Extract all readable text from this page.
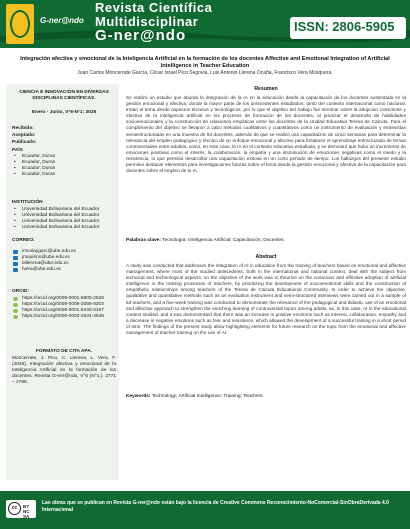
G-ner@ndo
Revista Científica
Multidisciplinar
G-ner@ndo
ISSN: 2806-5905
Integración afectiva y emocional de la Inteligencia Artificial en la formación de los docentes Affective and Emotional Integration of Artificial Intelligence in Teacher Education
Juan Carlos Moncerrate García, César Israel Pico Segovia, Luis Antonio Llerena Ocaña, Francisco Vera Mosquera.
CIENCIA E INNOVACIÓN EN DIVERSAS DISCIPLINAS CIENTÍFICAS.
Enero - Junio, V°6-N°1; 2025
Recibido:
Aceptado:
Publicado:
PAÍS
• Ecuador, Duran
• Ecuador, Duran
• Ecuador, Duran
• Ecuador, Duran
INSTITUCIÓN
• Universidad Bolivariana del Ecuador
• Universidad Bolivariana del Ecuador
• Universidad Bolivariana del Ecuador
• Universidad Bolivariana del Ecuador
CORREO:
imcelaygarc@ube.edu.ec
jmquirino@ube.edu.ec
lallerena@ube.edu.ec
fvera@ube.edu.ec
ORCID:
https://orcid.org/0009-0001-6800-2529
https://orcid.org/0009-0009-3088-8203
https://orcid.org/0009-0001-6440-0167
https://orcid.org/0009-0003-2634-4638
FORMATO DE CITA APA.
Moncerrate, J. Pico, C. Llerena, L. Vera, F. (2025). Integración afectiva y emocional de la Inteligencia Artificial en la formación de los docentes. Revista G-ner@ndo, V°6 (N°1,). 2771 – 2788.
Resumen
Se realizó un estudio que aborda la integración de la IA en la educación desde la capacitación de los docentes sustentada en la gestión emocional y afectiva, donde la mayor parte de los antecedentes estudiados, tanto del contexto internacional como nacional, tratan el tema desde aspectos técnicos y tecnológicos, por lo que el objetivo del trabajo fue terminar sobre la adopción consciente y efectiva de la inteligencia artificial en los procesos de formación de los docentes, al priorizar el desarrollo de habilidades socioemocionales y la construcción de relaciones empáticas entre los docentes de la Unidad Educativa Teresa de Calcuta. Para el cumplimiento del objetivo se llevaron a cabo métodos cualitativos y cuantitativos como un instrumento de evaluación y entrevistas semiestructuradas en una muestra de 53 docentes, además de que se realizó una capacitación de cinco semanas para determinar la relevancia del empleo pedagógico y técnico de un enfoque emocional y afectivo para fortalecer el aprendizaje entrecruzado de temas controversiales entre adultos, como, en este caso, la IA en el contexto educativo estudiado, y se demostró que hubo un incremento de emociones positivas como el interés, la colaboración, la empatía y una disminución de emociones negativas como el miedo y la resistencia, lo que permitió desarrollar una capacitación exitosa en un corto periodo de tiempo. Los hallazgos del presente estudio permiten destacar elementos para investigaciones futuras sobre el tema desde la gestión emocional y afectiva de la capacitación para docentes sobre el empleo de la IA.
Palabras clave: Tecnología; Inteligencia Artificial; Capacitación; Docentes.
Abstract
A study was conducted that addresses the integration of AI in education from the training of teachers based on emotional and affective management, where most of the studied antecedents, both in the international and national context, deal with the subject from technical and technological aspects, so the objective of the work was to theorize on the conscious and effective adoption of artificial intelligence in the training processes of teachers, by prioritizing the development of socioemotional skills and the construction of empathetic relationships among teachers of the Teresa de Calcuta Educational Community. In order to achieve the objective, qualitative and quantitative methods such as an evaluation instrument and semi-structured interviews were carried out in a sample of 53 teachers, and a five-week training was conducted to demonstrate the relevance of the pedagogical and didactic use of an emotional and affective approach to strengthen the enriching learning of controversial topics among adults, as, in this case, AI in the educational context studied, and it was demonstrated that there was an increase in positive emotions such as interest, collaboration, empathy and a decrease in negative emotions such as fear and resistance, which allowed the development of a successful training in a short period of time. The findings of the present study allow highlighting elements for future research on the topic from the emotional and affective management of teacher training on the use of AI.
Keywords: Technology; Artificial Intelligence; Training; Teachers.
cc	BY NC SA
Las obras que se publican en Revista G-ner@ndo están bajo la licencia de Creative Commons Reconocimiento-NoComercial-SinObraDerivada 4.0 Internacional
